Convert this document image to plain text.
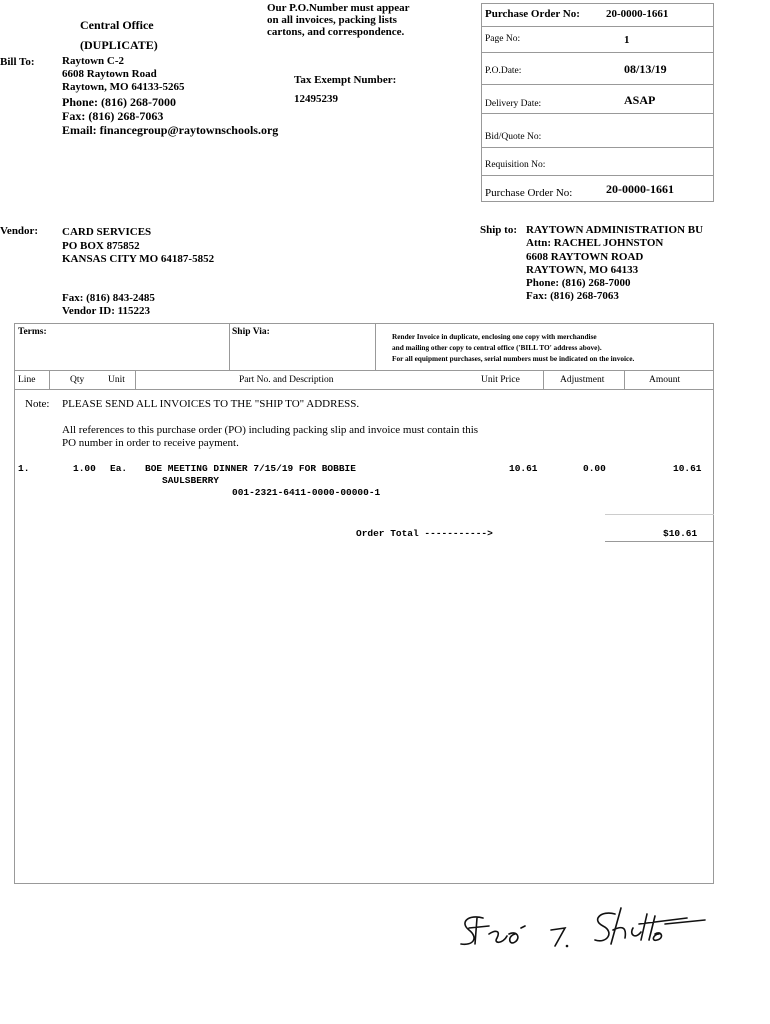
Central Office
(DUPLICATE)
Our P.O.Number must appear
on all invoices, packing lists
cartons, and correspondence.
Bill To: Raytown C-2
6608 Raytown Road
Raytown, MO 64133-5265
Phone: (816) 268-7000
Fax: (816) 268-7063
Email: financegroup@raytownschools.org
Tax Exempt Number:
12495239
Purchase Order No: 20-0000-1661
Page No:	1
P.O.Date:	08/13/19
Delivery Date:	ASAP
Bid/Quote No:
Requisition No:
Purchase Order No:	20-0000-1661
Vendor: CARD SERVICES
PO BOX 875852
KANSAS CITY MO 64187-5852
Fax: (816) 843-2485
Vendor ID: 115223
Ship to: RAYTOWN ADMINISTRATION BU
Attn: RACHEL JOHNSTON
6608 RAYTOWN ROAD
RAYTOWN, MO 64133
Phone: (816) 268-7000
Fax: (816) 268-7063
Terms:	Ship Via:	Render Invoice in duplicate, enclosing one copy with merchandise
and mailing other copy to central office ('BILL TO' address above).
For all equipment purchases, serial numbers must be indicated on the invoice.
Line	Qty	Unit	Part No. and Description	Unit Price	Adjustment	Amount
Note: PLEASE SEND ALL INVOICES TO THE "SHIP TO" ADDRESS.
All references to this purchase order (PO) including packing slip and invoice must contain this
PO number in order to receive payment.
1.	1.00 Ea. BOE MEETING DINNER 7/15/19 FOR BOBBIE
SAULSBERRY
001-2321-6411-0000-00000-1
10.61	0.00	10.61
Order Total ----------->	$10.61
